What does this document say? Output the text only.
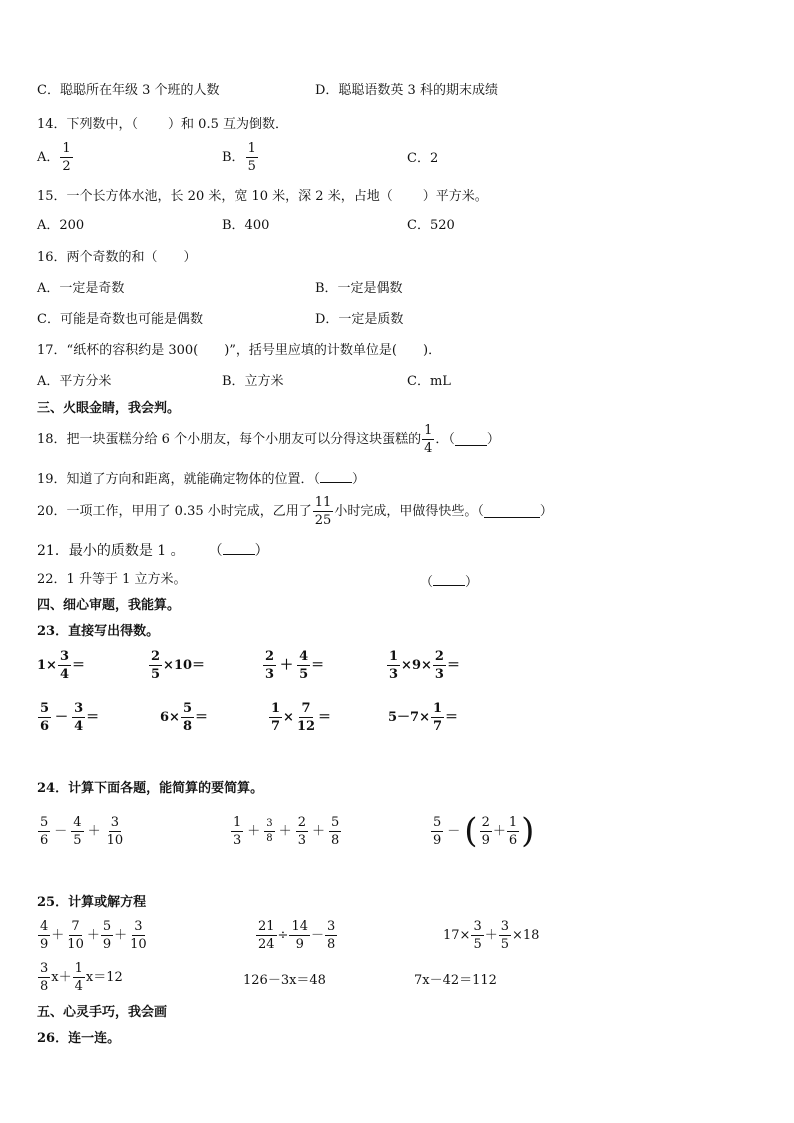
C．聪聪所在年级 3 个班的人数	D．聪聪语数英 3 科的期末成绩
14．下列数中，（ ）和 0.5 互为倒数．
A． $\frac{1}{2}$	B． $\frac{1}{5}$	C．2
15．一个长方体水池，长 20 米，宽 10 米，深 2 米，占地（ ）平方米。
A．200	B．400	C．520
16．两个奇数的和（　　）
A．一定是奇数	B．一定是偶数
C．可能是奇数也可能是偶数	D．一定是质数
17．“纸杯的容积约是 300(　　)”，括号里应填的计数单位是(　　)．
A．平方分米	B．立方米	C．mL
三、火眼金睛，我会判。
18．把一块蛋糕分给 6 个小朋友，每个小朋友可以分得这块蛋糕的 $\frac{1}{4}$ ．（ ）
19．知道了方向和距离，就能确定物体的位置．（ ）
20．一项工作，甲用了 0.35 小时完成，乙用了 $\frac{11}{25}$ 小时完成，甲做得快些。（	）
21．最小的质数是 1 。 （ ）
22．1 升等于 1 立方米。	（ ）
四、细心审题，我能算。
23．直接写出得数。
$1\times \frac{3}{4}$ ＝	$\frac{2}{5} \times 10=$	$\frac{2}{3} + \frac{4}{5}$ ＝	$\frac{1}{3} \times 9\times \frac{2}{3}$ ＝
$\frac{5}{6} - \frac{3}{4}$ ＝	$6\times \frac{5}{8}$ ＝	$\frac{1}{7} \times \frac{7}{12}$ ＝	$5-7\times \frac{1}{7}$ ＝
24．计算下面各题，能简算的要简算。
$\frac{5}{6} - \frac{4}{5} + \frac{3}{10}$	$\frac{1}{3} + \frac{3}{8} + \frac{2}{3} + \frac{5}{8}$	$\frac{5}{9}$ － ( $\frac{2}{9} + \frac{1}{6}$ )
25．计算或解方程
$\frac{4}{9} + \frac{7}{10} + \frac{5}{9} + \frac{3}{10}$	$\frac{21}{24} \div \frac{14}{9} - \frac{3}{8}$	$17\times \frac{3}{5} + \frac{3}{5} \times 18$
$\frac{3}{8} x+ \frac{1}{4} x=12$	126－3x＝48	7x－42＝112
五、心灵手巧，我会画
26．连一连。
